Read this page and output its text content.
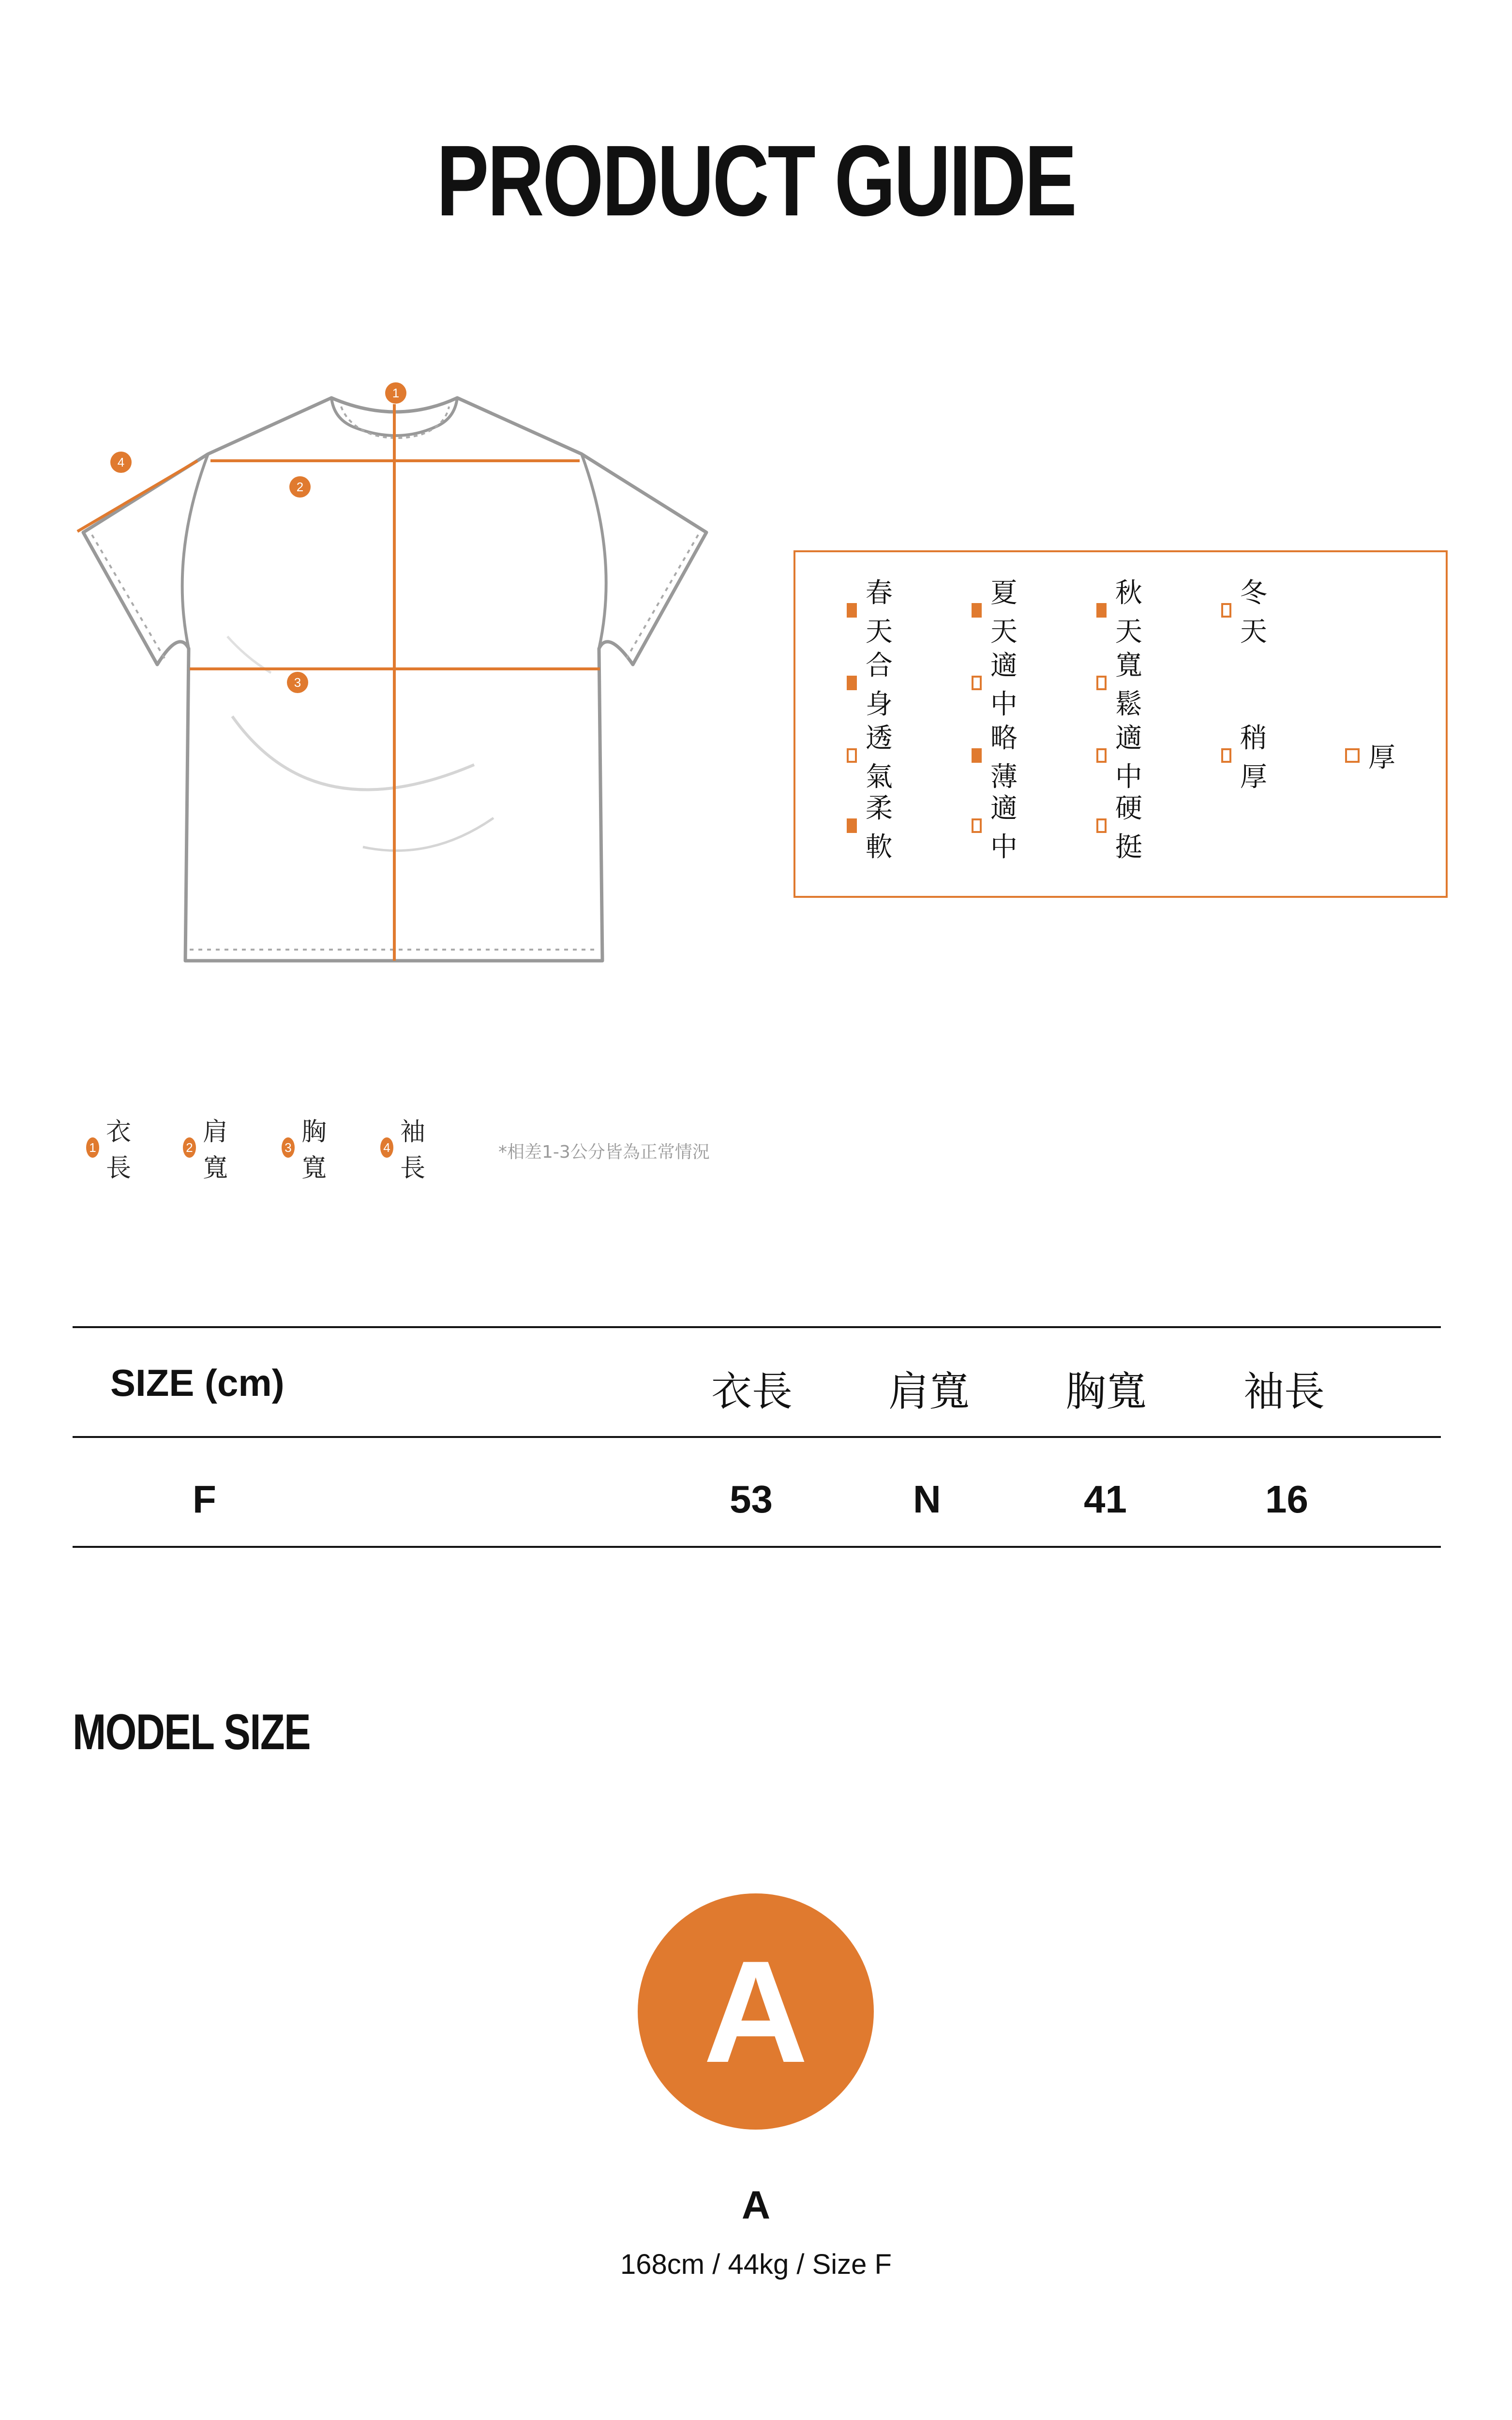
PRODUCT GUIDE
1
2
3
4
春天
夏天
秋天
冬天
合身
適中
寬鬆
透氣
略薄
適中
稍厚
厚
柔軟
適中
硬挺
1
衣長
2
肩寬
3
胸寬
4
袖長
*相差1-3公分皆為正常情況
SIZE (cm)	衣長 肩寬 胸寬 袖長
F	53	N	41	16
MODEL SIZE
A
A
168cm / 44kg / Size F
